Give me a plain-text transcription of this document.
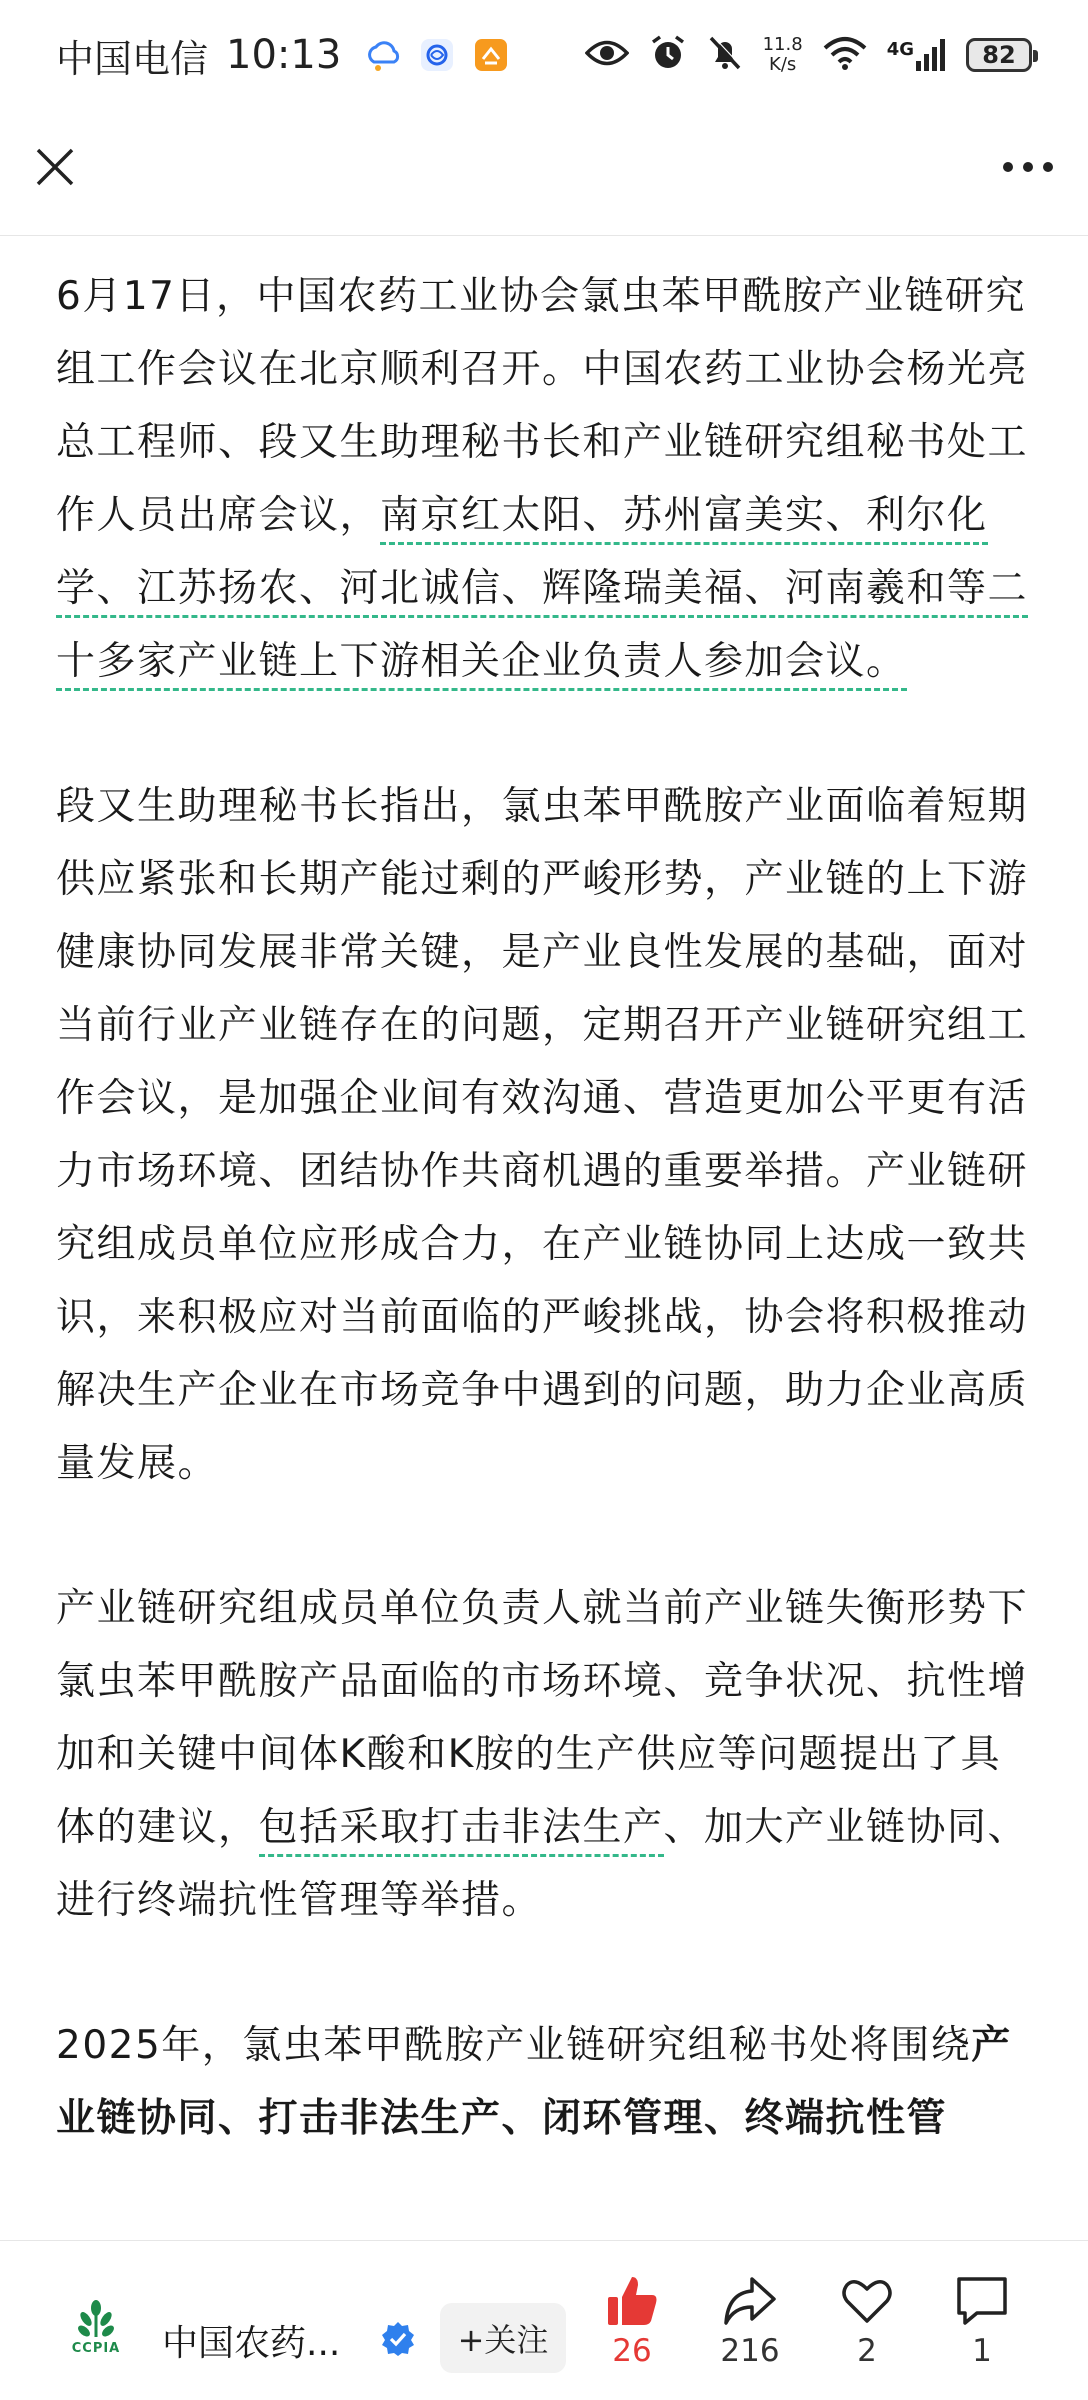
中国电信 10:13	11.8
K/s
4G	82

6月17日，中国农药工业协会氯虫苯甲酰胺产业链研究组工作会议在北京顺利召开。中国农药工业协会杨光亮总工程师、段又生助理秘书长和产业链研究组秘书处工作人员出席会议，南京红太阳、苏州富美实、利尔化学、江苏扬农、河北诚信、辉隆瑞美福、河南羲和等二十多家产业链上下游相关企业负责人参加会议。

段又生助理秘书长指出，氯虫苯甲酰胺产业面临着短期供应紧张和长期产能过剩的严峻形势，产业链的上下游健康协同发展非常关键，是产业良性发展的基础，面对当前行业产业链存在的问题，定期召开产业链研究组工作会议，是加强企业间有效沟通、营造更加公平更有活力市场环境、团结协作共商机遇的重要举措。产业链研究组成员单位应形成合力，在产业链协同上达成一致共识，来积极应对当前面临的严峻挑战，协会将积极推动解决生产企业在市场竞争中遇到的问题，助力企业高质量发展。

产业链研究组成员单位负责人就当前产业链失衡形势下氯虫苯甲酰胺产品面临的市场环境、竞争状况、抗性增加和关键中间体K酸和K胺的生产供应等问题提出了具体的建议，包括采取打击非法生产、加大产业链协同、进行终端抗性管理等举措。

2025年，氯虫苯甲酰胺产业链研究组秘书处将围绕产业链协同、打击非法生产、闭环管理、终端抗性管

CCPIA 中国农药...	+关注	26 216	2	1
